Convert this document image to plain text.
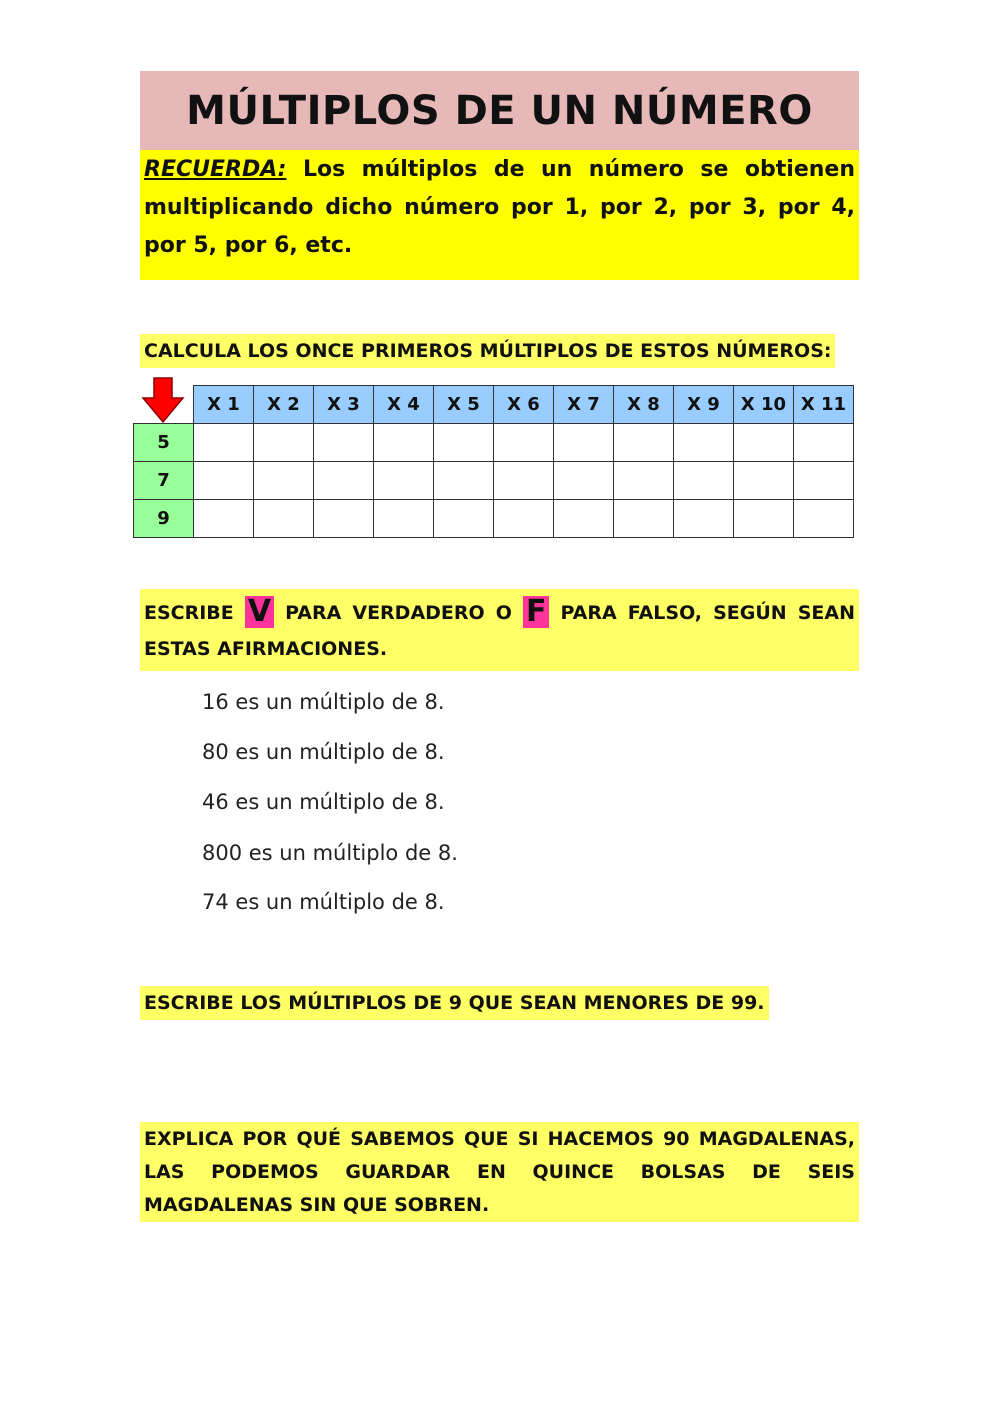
MÚLTIPLOS DE UN NÚMERO
RECUERDA: Los múltiplos de un número se obtienen multiplicando dicho número por 1, por 2, por 3, por 4, por 5, por 6, etc.
CALCULA LOS ONCE PRIMEROS MÚLTIPLOS DE ESTOS NÚMEROS:
	X 1	X 2	X 3	X 4	X 5	X 6	X 7	X 8	X 9	X 10	X 11
5											
7											
9											
ESCRIBE V PARA VERDADERO O F PARA FALSO, SEGÚN SEAN ESTAS AFIRMACIONES.
16 es un múltiplo de 8.
80 es un múltiplo de 8.
46 es un múltiplo de 8.
800 es un múltiplo de 8.
74 es un múltiplo de 8.
ESCRIBE LOS MÚLTIPLOS DE 9 QUE SEAN MENORES DE 99.
EXPLICA POR QUÉ SABEMOS QUE SI HACEMOS 90 MAGDALENAS, LAS PODEMOS GUARDAR EN QUINCE BOLSAS DE SEIS MAGDALENAS SIN QUE SOBREN.
